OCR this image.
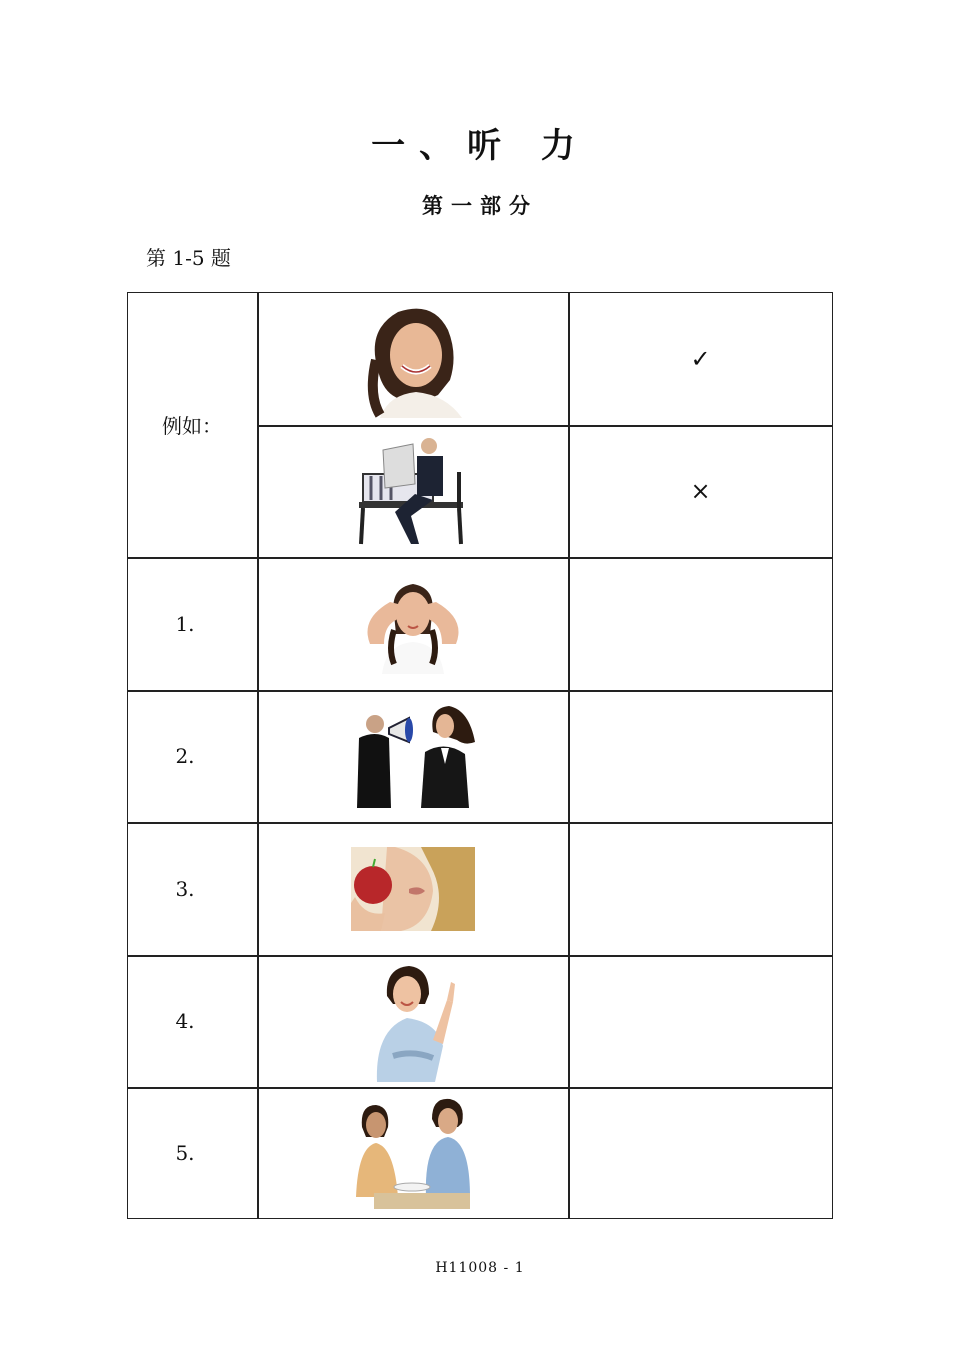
一、听 力
第一部分
第 1-5 题
例如：
✓
×
1.
2.
3.
4.
5.
H11008 - 1
